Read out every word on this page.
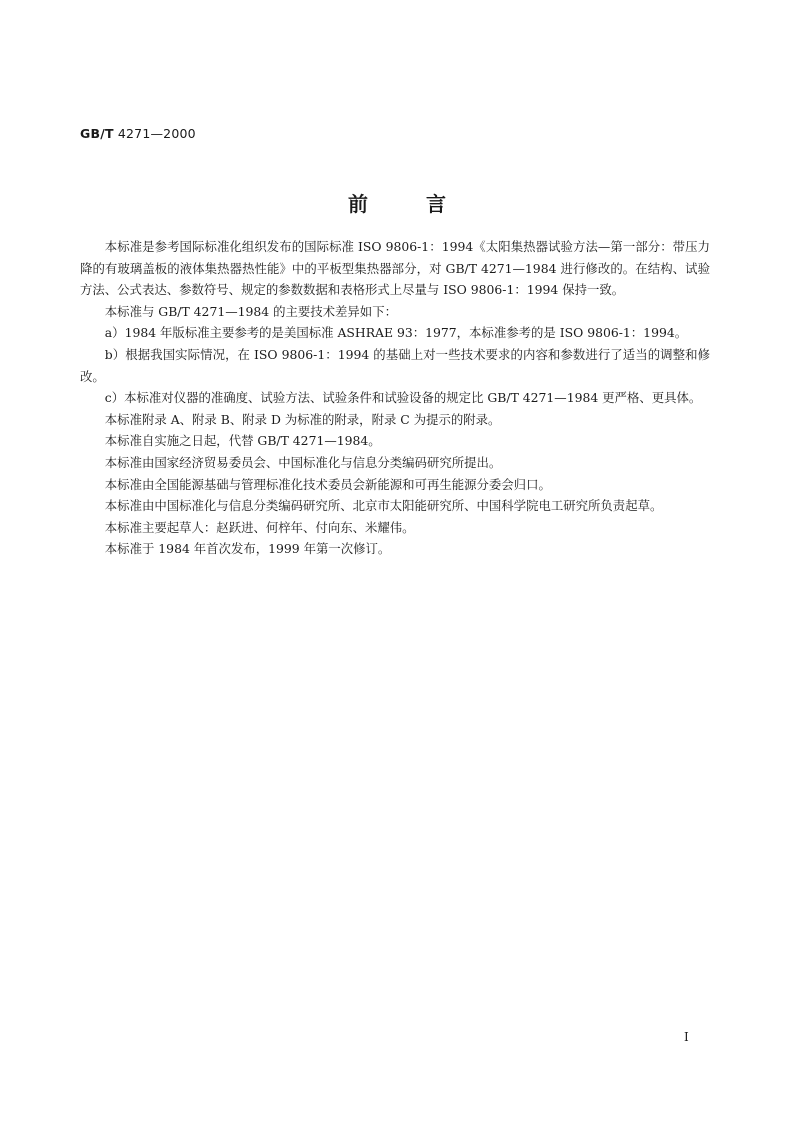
GB/T 4271—2000
前言

本标准是参考国际标准化组织发布的国际标准 ISO 9806-1：1994《太阳集热器试验方法—第一部分：带压力降的有玻璃盖板的液体集热器热性能》中的平板型集热器部分，对 GB/T 4271—1984 进行修改的。在结构、试验方法、公式表达、参数符号、规定的参数数据和表格形式上尽量与 ISO 9806-1：1994 保持一致。

本标准与 GB/T 4271—1984 的主要技术差异如下：

a）1984 年版标准主要参考的是美国标准 ASHRAE 93：1977，本标准参考的是 ISO 9806-1：1994。

b）根据我国实际情况，在 ISO 9806-1：1994 的基础上对一些技术要求的内容和参数进行了适当的调整和修改。

c）本标准对仪器的准确度、试验方法、试验条件和试验设备的规定比 GB/T 4271—1984 更严格、更具体。

本标准附录 A、附录 B、附录 D 为标准的附录，附录 C 为提示的附录。

本标准自实施之日起，代替 GB/T 4271—1984。

本标准由国家经济贸易委员会、中国标准化与信息分类编码研究所提出。

本标准由全国能源基础与管理标准化技术委员会新能源和可再生能源分委会归口。

本标准由中国标准化与信息分类编码研究所、北京市太阳能研究所、中国科学院电工研究所负责起草。

本标准主要起草人：赵跃进、何梓年、付向东、米耀伟。

本标准于 1984 年首次发布，1999 年第一次修订。

I
